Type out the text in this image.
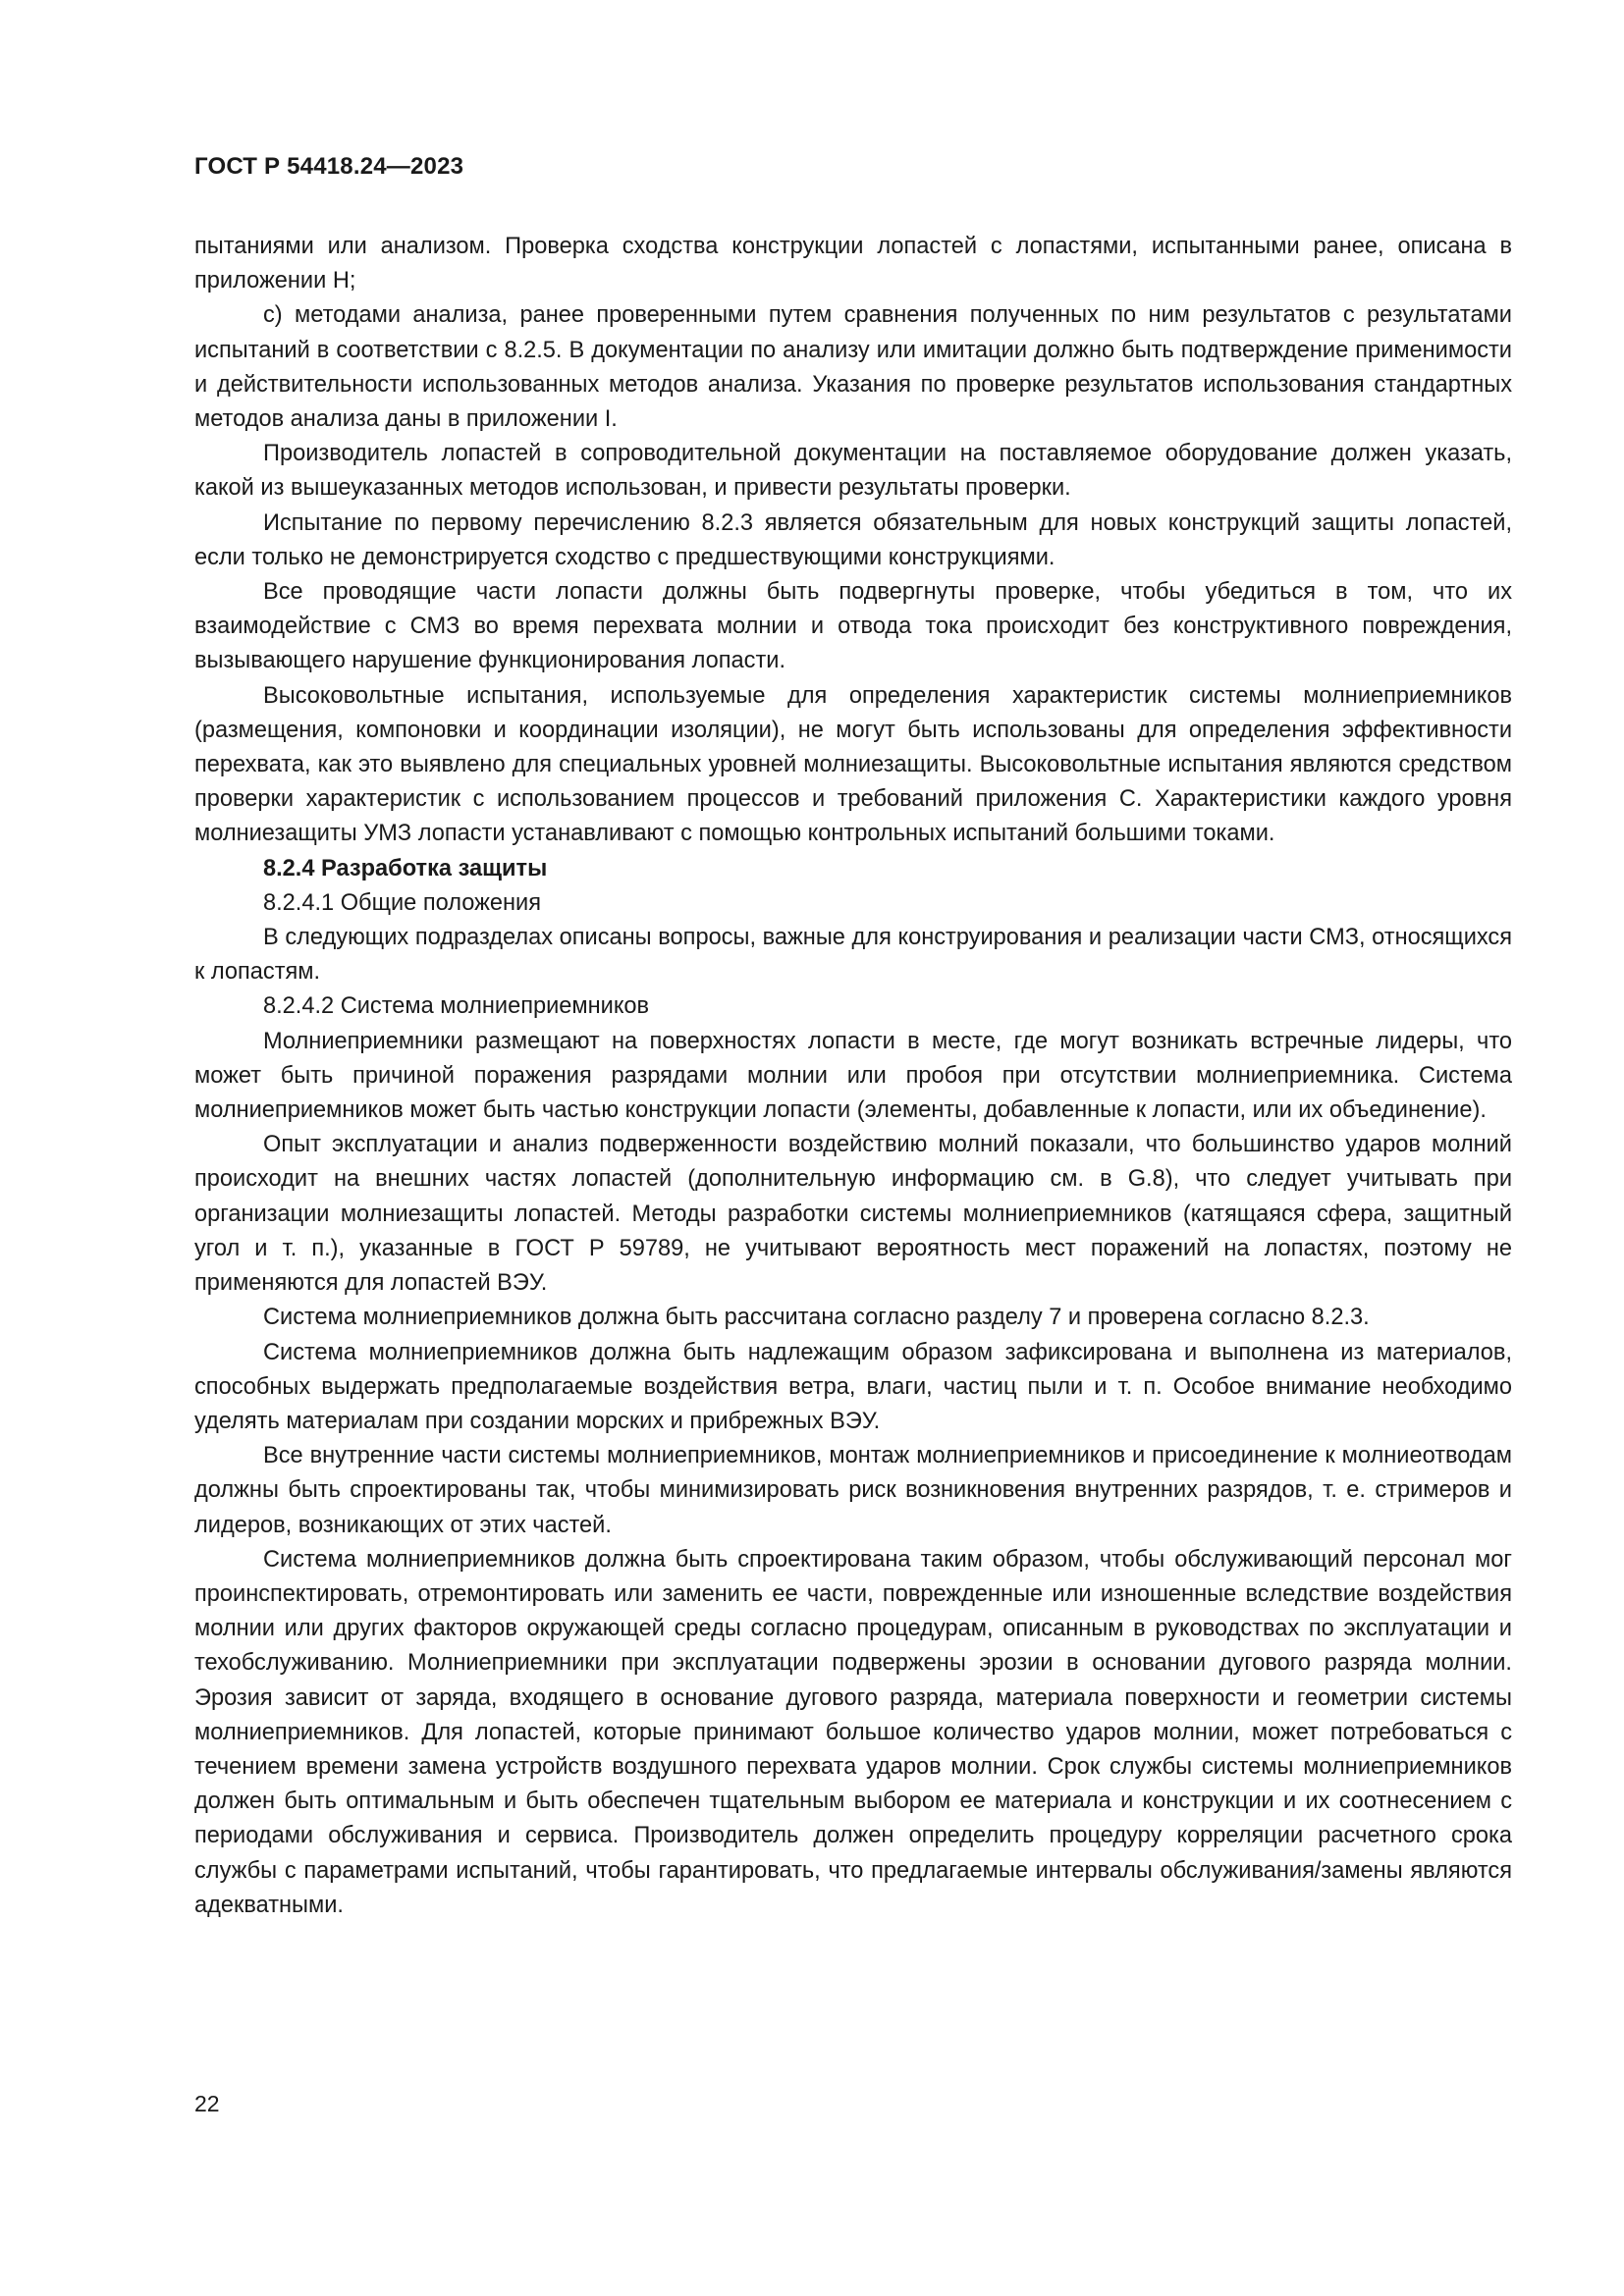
ГОСТ Р 54418.24—2023

пытаниями или анализом. Проверка сходства конструкции лопастей с лопастями, испытанными ранее, описана в приложении H;

c) методами анализа, ранее проверенными путем сравнения полученных по ним результатов с результатами испытаний в соответствии с 8.2.5. В документации по анализу или имитации должно быть подтверждение применимости и действительности использованных методов анализа. Указания по проверке результатов использования стандартных методов анализа даны в приложении I.

Производитель лопастей в сопроводительной документации на поставляемое оборудование должен указать, какой из вышеуказанных методов использован, и привести результаты проверки.

Испытание по первому перечислению 8.2.3 является обязательным для новых конструкций защиты лопастей, если только не демонстрируется сходство с предшествующими конструкциями.

Все проводящие части лопасти должны быть подвергнуты проверке, чтобы убедиться в том, что их взаимодействие с СМЗ во время перехвата молнии и отвода тока происходит без конструктивного повреждения, вызывающего нарушение функционирования лопасти.

Высоковольтные испытания, используемые для определения характеристик системы молниеприемников (размещения, компоновки и координации изоляции), не могут быть использованы для определения эффективности перехвата, как это выявлено для специальных уровней молниезащиты. Высоковольтные испытания являются средством проверки характеристик с использованием процессов и требований приложения C. Характеристики каждого уровня молниезащиты УМЗ лопасти устанавливают с помощью контрольных испытаний большими токами.

8.2.4 Разработка защиты

8.2.4.1 Общие положения

В следующих подразделах описаны вопросы, важные для конструирования и реализации части СМЗ, относящихся к лопастям.

8.2.4.2 Система молниеприемников

Молниеприемники размещают на поверхностях лопасти в месте, где могут возникать встречные лидеры, что может быть причиной поражения разрядами молнии или пробоя при отсутствии молниеприемника. Система молниеприемников может быть частью конструкции лопасти (элементы, добавленные к лопасти, или их объединение).

Опыт эксплуатации и анализ подверженности воздействию молний показали, что большинство ударов молний происходит на внешних частях лопастей (дополнительную информацию см. в G.8), что следует учитывать при организации молниезащиты лопастей. Методы разработки системы молниеприемников (катящаяся сфера, защитный угол и т. п.), указанные в ГОСТ Р 59789, не учитывают вероятность мест поражений на лопастях, поэтому не применяются для лопастей ВЭУ.

Система молниеприемников должна быть рассчитана согласно разделу 7 и проверена согласно 8.2.3.

Система молниеприемников должна быть надлежащим образом зафиксирована и выполнена из материалов, способных выдержать предполагаемые воздействия ветра, влаги, частиц пыли и т. п. Особое внимание необходимо уделять материалам при создании морских и прибрежных ВЭУ.

Все внутренние части системы молниеприемников, монтаж молниеприемников и присоединение к молниеотводам должны быть спроектированы так, чтобы минимизировать риск возникновения внутренних разрядов, т. е. стримеров и лидеров, возникающих от этих частей.

Система молниеприемников должна быть спроектирована таким образом, чтобы обслуживающий персонал мог проинспектировать, отремонтировать или заменить ее части, поврежденные или изношенные вследствие воздействия молнии или других факторов окружающей среды согласно процедурам, описанным в руководствах по эксплуатации и техобслуживанию. Молниеприемники при эксплуатации подвержены эрозии в основании дугового разряда молнии. Эрозия зависит от заряда, входящего в основание дугового разряда, материала поверхности и геометрии системы молниеприемников. Для лопастей, которые принимают большое количество ударов молнии, может потребоваться с течением времени замена устройств воздушного перехвата ударов молнии. Срок службы системы молниеприемников должен быть оптимальным и быть обеспечен тщательным выбором ее материала и конструкции и их соотнесением с периодами обслуживания и сервиса. Производитель должен определить процедуру корреляции расчетного срока службы с параметрами испытаний, чтобы гарантировать, что предлагаемые интервалы обслуживания/замены являются адекватными.

22
